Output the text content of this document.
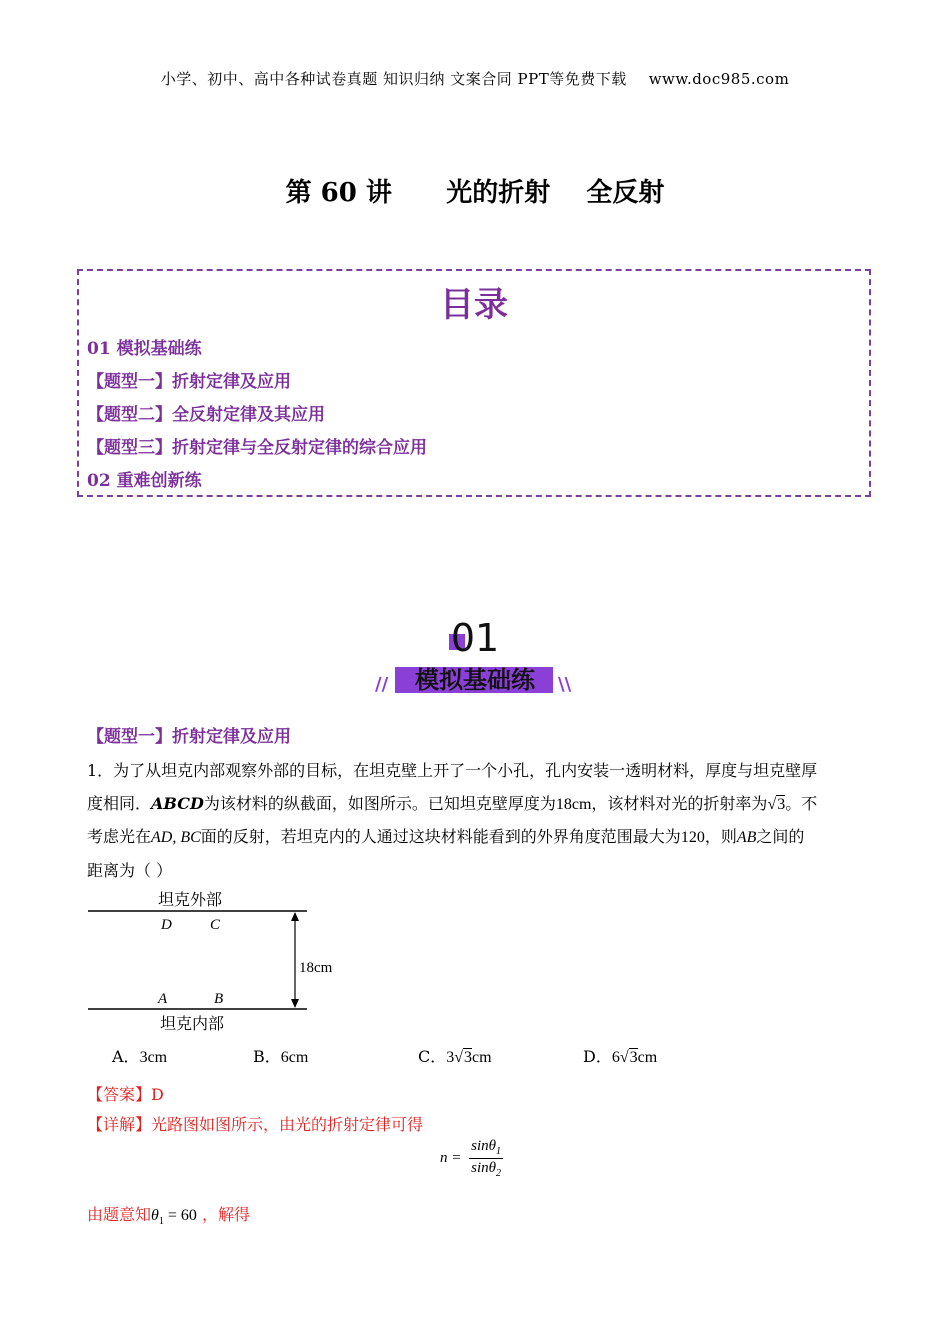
小学、初中、高中各种试卷真题 知识归纳 文案合同 PPT等免费下载 www.doc985.com
第 60 讲      光的折射    全反射
目录
01 模拟基础练
【题型一】折射定律及应用
【题型二】全反射定律及其应用
【题型三】折射定律与全反射定律的综合应用
02 重难创新练
01
//	\\
模拟基础练
【题型一】折射定律及应用
1．为了从坦克内部观察外部的目标，在坦克壁上开了一个小孔，孔内安装一透明材料，厚度与坦克壁厚
度相同．ABCD为该材料的纵截面，如图所示。已知坦克壁厚度为18cm，该材料对光的折射率为√3。不
考虑光在AD, BC面的反射，若坦克内的人通过这块材料能看到的外界角度范围最大为120，则AB之间的
距离为（ ）
坦克外部
坦克内部
D	C
A	B
18cm
A．3cm	B．6cm	C．3√3cm	D．6√3cm
【答案】D
【详解】光路图如图所示，由光的折射定律可得
$n = \frac{\sin\theta_1}{\sin\theta_2}$
由题意知$\theta_1 = 60$ ，解得
